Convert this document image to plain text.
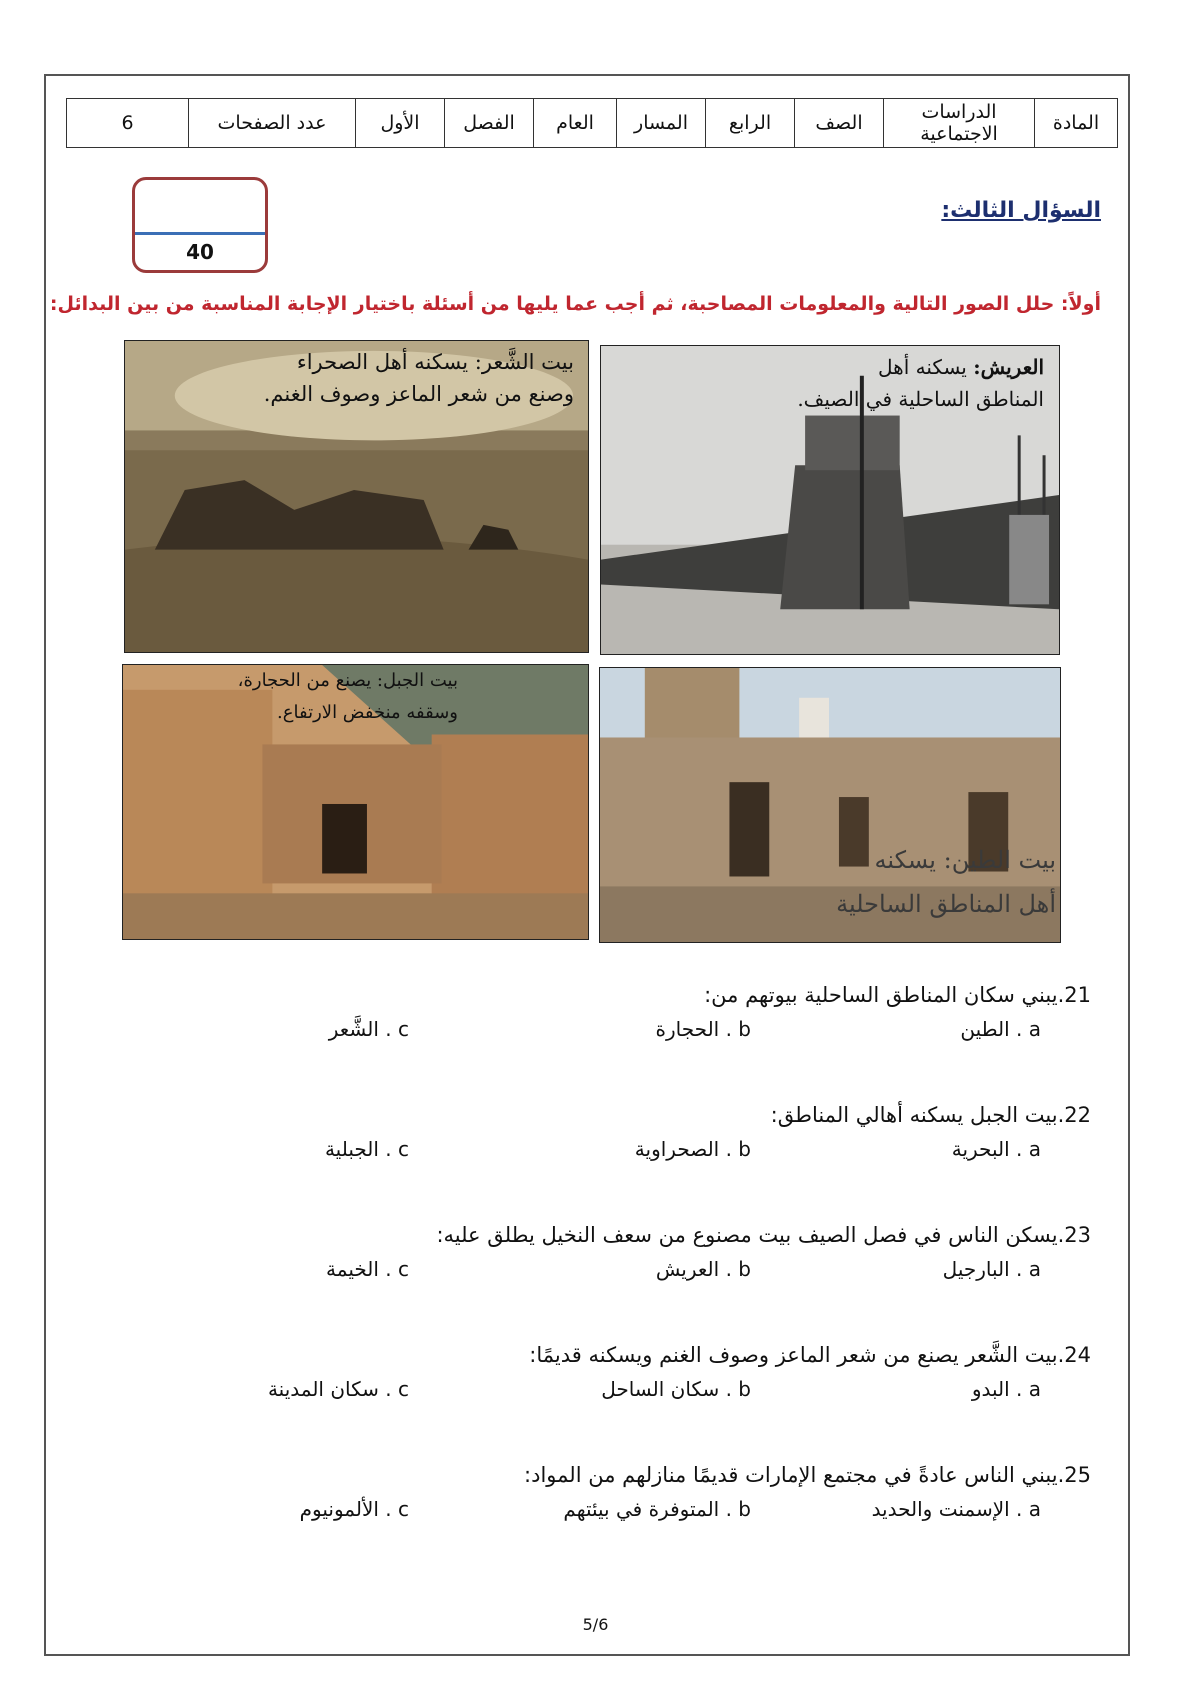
المادة	الدراسات الاجتماعية	الصف	الرابع	المسار	العام	الفصل	الأول	عدد الصفحات	6
40
السؤال الثالث:
أولاً: حلل الصور التالية والمعلومات المصاحبة، ثم أجب عما يليها من أسئلة باختيار الإجابة المناسبة من بين البدائل:
العريش: يسكنه أهل
المناطق الساحلية في الصيف.
بيت الشَّعر: يسكنه أهل الصحراء
وصنع من شعر الماعز وصوف الغنم.
بيت الجبل: يصنع من الحجارة،
وسقفه منخفض الارتفاع.
بيت الطين: يسكنه
أهل المناطق الساحلية
21.يبني سكان المناطق الساحلية بيوتهم من:
a . الطين
b . الحجارة
c . الشَّعر
22.بيت الجبل يسكنه أهالي المناطق:
a . البحرية
b . الصحراوية
c . الجبلية
23.يسكن الناس في فصل الصيف بيت مصنوع من سعف النخيل يطلق عليه:
a . البارجيل
b . العريش
c . الخيمة
24.بيت الشَّعر يصنع من شعر الماعز وصوف الغنم ويسكنه قديمًا:
a . البدو
b . سكان الساحل
c . سكان المدينة
25.يبني الناس عادةً في مجتمع الإمارات قديمًا منازلهم من المواد:
a . الإسمنت والحديد
b . المتوفرة في بيئتهم
c . الألمونيوم
5/6
